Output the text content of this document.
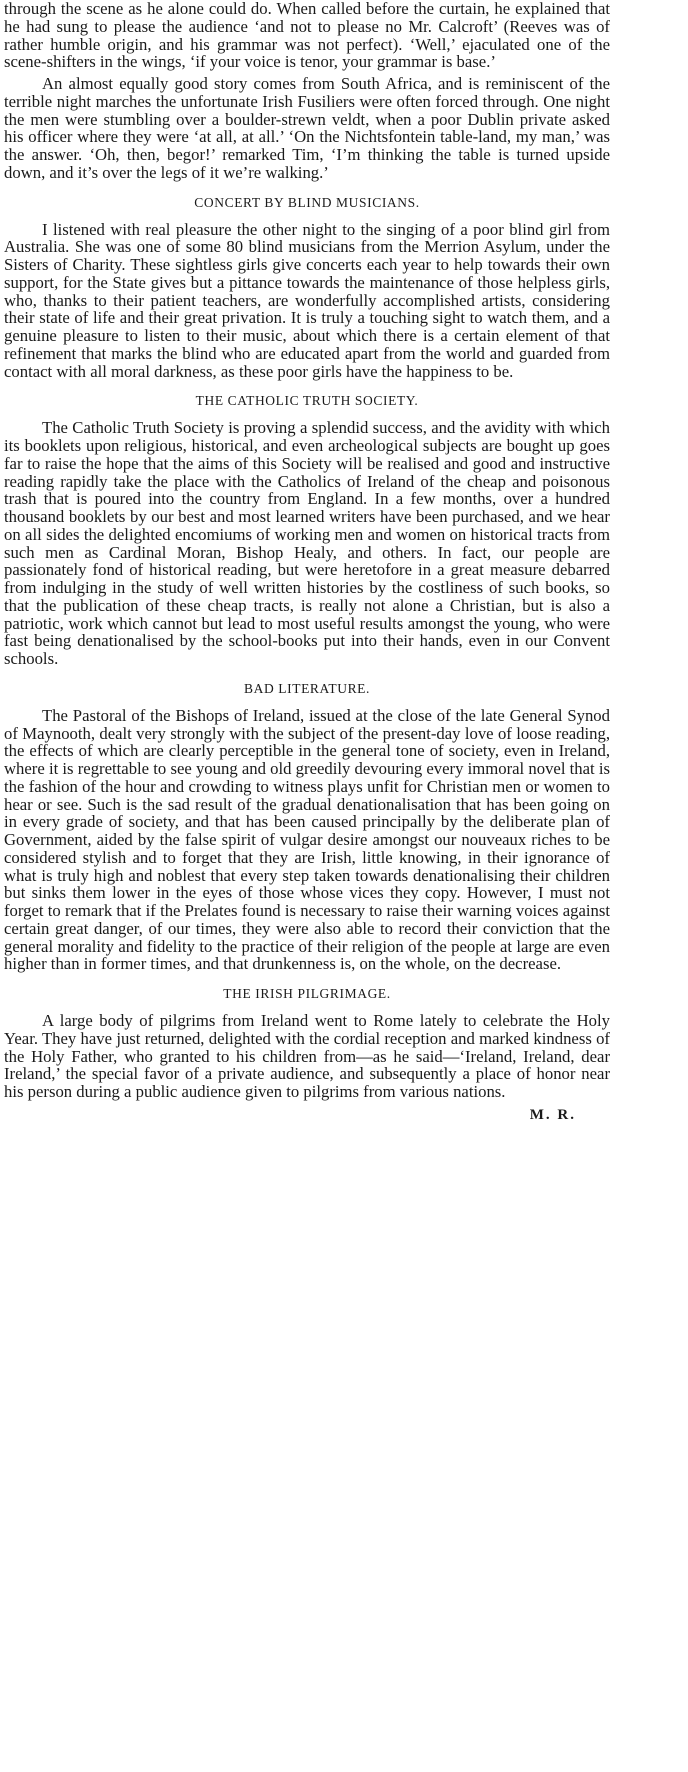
through the scene as he alone could do. When called before the curtain, he explained that he had sung to please the audience ‘and not to please no Mr. Calcroft’ (Reeves was of rather humble origin, and his grammar was not perfect). ‘Well,’ ejaculated one of the scene-shifters in the wings, ‘if your voice is tenor, your grammar is base.’

An almost equally good story comes from South Africa, and is reminiscent of the terrible night marches the unfortunate Irish Fusiliers were often forced through. One night the men were stumbling over a boulder-strewn veldt, when a poor Dublin private asked his officer where they were ‘at all, at all.’ ‘On the Nichtsfontein table-land, my man,’ was the answer. ‘Oh, then, begor!’ remarked Tim, ‘I’m thinking the table is turned upside down, and it’s over the legs of it we’re walking.’

CONCERT BY BLIND MUSICIANS.

I listened with real pleasure the other night to the singing of a poor blind girl from Australia. She was one of some 80 blind musicians from the Merrion Asylum, under the Sisters of Charity. These sightless girls give concerts each year to help towards their own support, for the State gives but a pittance towards the maintenance of those helpless girls, who, thanks to their patient teachers, are wonderfully accomplished artists, considering their state of life and their great privation. It is truly a touching sight to watch them, and a genuine pleasure to listen to their music, about which there is a certain element of that refinement that marks the blind who are educated apart from the world and guarded from contact with all moral darkness, as these poor girls have the happiness to be.

THE CATHOLIC TRUTH SOCIETY.

The Catholic Truth Society is proving a splendid success, and the avidity with which its booklets upon religious, historical, and even archeological subjects are bought up goes far to raise the hope that the aims of this Society will be realised and good and instructive reading rapidly take the place with the Catholics of Ireland of the cheap and poisonous trash that is poured into the country from England. In a few months, over a hundred thousand booklets by our best and most learned writers have been purchased, and we hear on all sides the delighted encomiums of working men and women on historical tracts from such men as Cardinal Moran, Bishop Healy, and others. In fact, our people are passionately fond of historical reading, but were heretofore in a great measure debarred from indulging in the study of well written histories by the costliness of such books, so that the publication of these cheap tracts, is really not alone a Christian, but is also a patriotic, work which cannot but lead to most useful results amongst the young, who were fast being denationalised by the school-books put into their hands, even in our Convent schools.

BAD LITERATURE.

The Pastoral of the Bishops of Ireland, issued at the close of the late General Synod of Maynooth, dealt very strongly with the subject of the present-day love of loose reading, the effects of which are clearly perceptible in the general tone of society, even in Ireland, where it is regrettable to see young and old greedily devouring every immoral novel that is the fashion of the hour and crowding to witness plays unfit for Christian men or women to hear or see. Such is the sad result of the gradual denationalisation that has been going on in every grade of society, and that has been caused principally by the deliberate plan of Government, aided by the false spirit of vulgar desire amongst our nouveaux riches to be considered stylish and to forget that they are Irish, little knowing, in their ignorance of what is truly high and noblest that every step taken towards denationalising their children but sinks them lower in the eyes of those whose vices they copy. However, I must not forget to remark that if the Prelates found is necessary to raise their warning voices against certain great danger, of our times, they were also able to record their conviction that the general morality and fidelity to the practice of their religion of the people at large are even higher than in former times, and that drunkenness is, on the whole, on the decrease.

THE IRISH PILGRIMAGE.

A large body of pilgrims from Ireland went to Rome lately to celebrate the Holy Year. They have just returned, delighted with the cordial reception and marked kindness of the Holy Father, who granted to his children from—as he said—‘Ireland, Ireland, dear Ireland,’ the special favor of a private audience, and subsequently a place of honor near his person during a public audience given to pilgrims from various nations.

M. R.
